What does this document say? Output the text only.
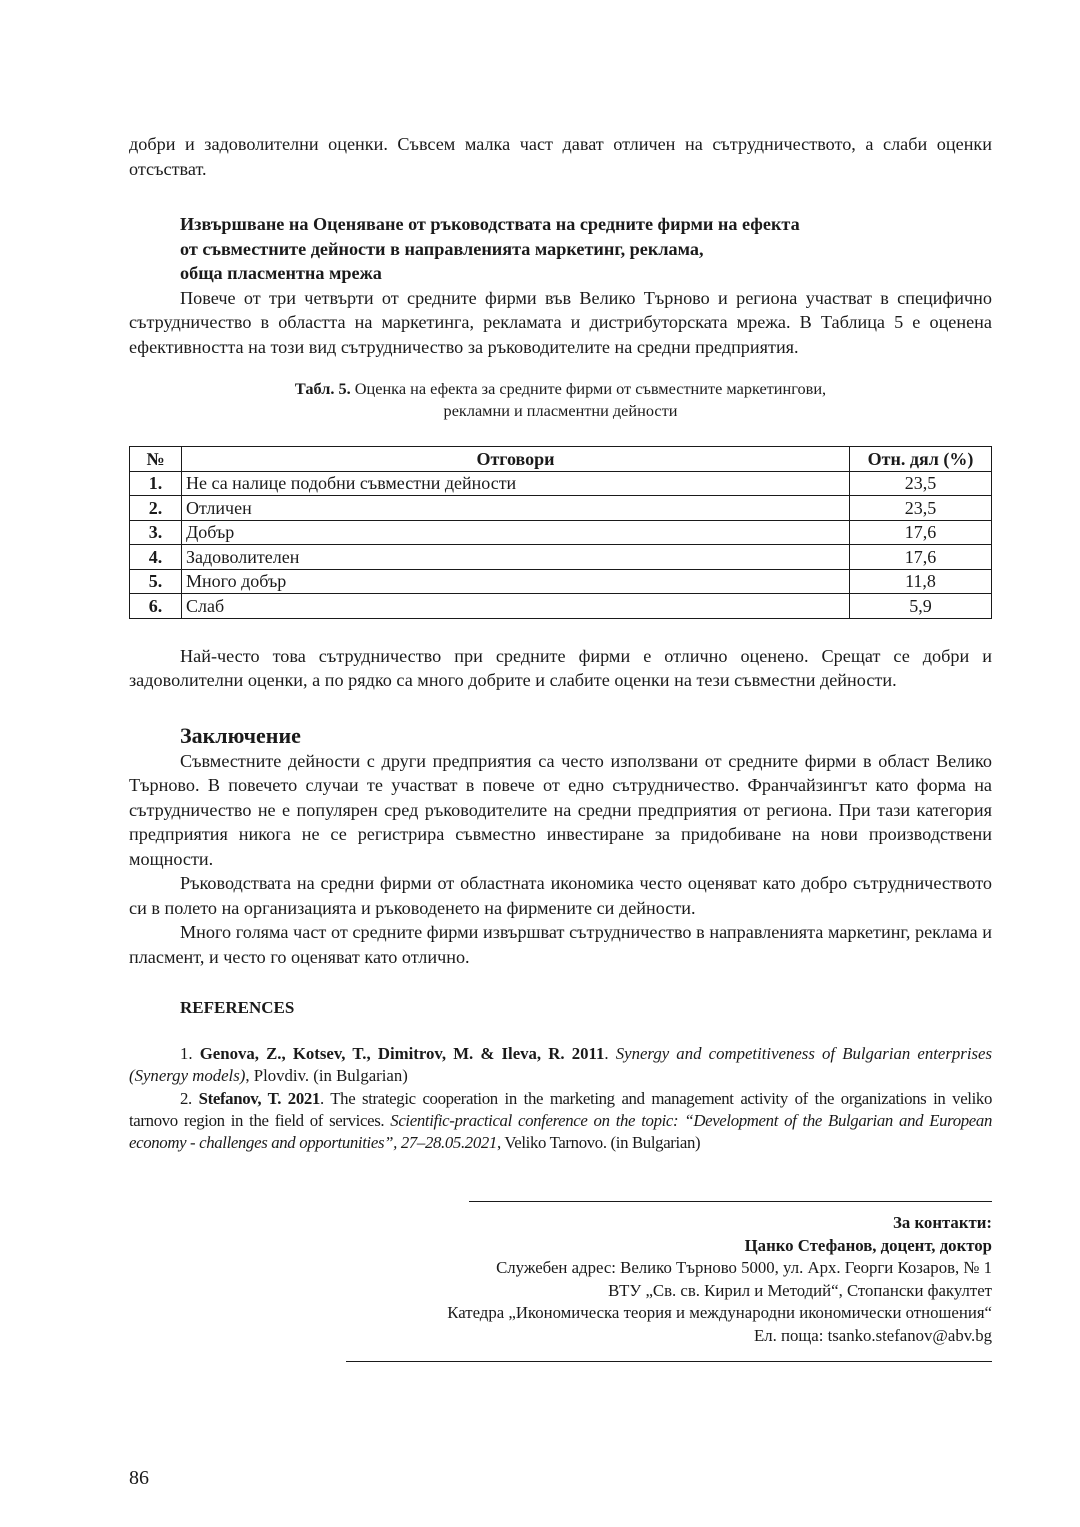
добри и задоволителни оценки. Съвсем малка част дават отличен на сътрудничеството, а слаби оценки отсъстват.

Извършване на Оценяване от ръководствата на средните фирми на ефекта
от съвместните дейности в направленията маркетинг, реклама,
обща пласментна мрежа

Повече от три четвърти от средните фирми във Велико Търново и региона участват в специфично сътрудничество в областта на маркетинга, рекламата и дистрибуторската мрежа. В Таблица 5 е оценена ефективността на този вид сътрудничество за ръководителите на средни предприятия.

Табл. 5. Оценка на ефекта за средните фирми от съвместните маркетингови,
рекламни и пласментни дейности
№	Отговори	Отн. дял (%)
1.	Не са налице подобни съвместни дейности	23,5
2.	Отличен	23,5
3.	Добър	17,6
4.	Задоволителен	17,6
5.	Много добър	11,8
6.	Слаб	5,9

Най-често това сътрудничество при средните фирми е отлично оценено. Срещат се добри и задоволителни оценки, а по рядко са много добрите и слабите оценки на тези съвместни дейности.

Заключение

Съвместните дейности с други предприятия са често използвани от средните фирми в област Велико Търново. В повечето случаи те участват в повече от едно сътрудничество. Франчайзингът като форма на сътрудничество не е популярен сред ръководителите на средни предприятия от региона. При тази категория предприятия никога не се регистрира съвместно инвестиране за придобиване на нови производствени мощности.

Ръководствата на средни фирми от областната икономика често оценяват като добро сътрудничеството си в полето на организацията и ръководенето на фирмените си дейности.

Много голяма част от средните фирми извършват сътрудничество в направленията маркетинг, реклама и пласмент, и често го оценяват като отлично.

REFERENCES

1. Genova, Z., Kotsev, T., Dimitrov, M. & Ileva, R. 2011. Synergy and competitiveness of Bulgarian enterprises (Synergy models), Plovdiv. (in Bulgarian)

2. Stefanov, T. 2021. The strategic cooperation in the marketing and management activity of the organizations in veliko tarnovo region in the field of services. Scientific-practical conference on the topic: “Development of the Bulgarian and European economy - challenges and opportunities”, 27–28.05.2021, Veliko Tarnovo. (in Bulgarian)

За контакти:
Цанко Стефанов, доцент, доктор
Служебен адрес: Велико Търново 5000, ул. Арх. Георги Козаров, № 1
ВТУ „Св. св. Кирил и Методий“, Стопански факултет
Катедра „Икономическа теория и международни икономически отношения“
Ел. поща: tsanko.stefanov@abv.bg
86
